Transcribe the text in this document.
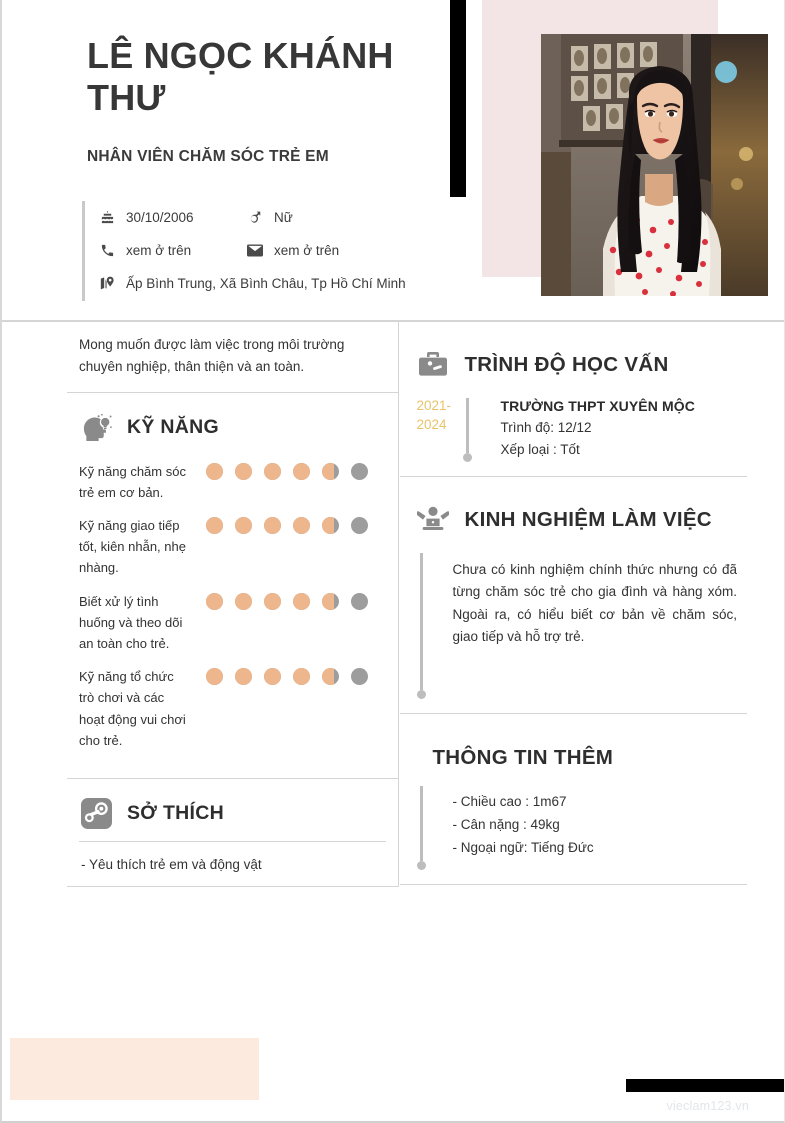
LÊ NGỌC KHÁNH THƯ
NHÂN VIÊN CHĂM SÓC TRẺ EM
30/10/2006	Nữ
xem ở trên	xem ở trên
Ấp Bình Trung, Xã Bình Châu, Tp Hồ Chí Minh
Mong muốn được làm việc trong môi trường chuyên nghiệp, thân thiện và an toàn.
KỸ NĂNG
Kỹ năng chăm sóc trẻ em cơ bản.
Kỹ năng giao tiếp tốt, kiên nhẫn, nhẹ nhàng.
Biết xử lý tình huống và theo dõi an toàn cho trẻ.
Kỹ năng tổ chức trò chơi và các hoạt động vui chơi cho trẻ.
SỞ THÍCH
- Yêu thích trẻ em và động vật
TRÌNH ĐỘ HỌC VẤN
2021-2024
TRƯỜNG THPT XUYÊN MỘC
Trình độ: 12/12
Xếp loại : Tốt
KINH NGHIỆM LÀM VIỆC
Chưa có kinh nghiệm chính thức nhưng có đã từng chăm sóc trẻ cho gia đình và hàng xóm. Ngoài ra, có hiểu biết cơ bản về chăm sóc, giao tiếp và hỗ trợ trẻ.
THÔNG TIN THÊM
- Chiều cao : 1m67
- Cân nặng : 49kg
- Ngoại ngữ: Tiếng Đức
vieclam123.vn
